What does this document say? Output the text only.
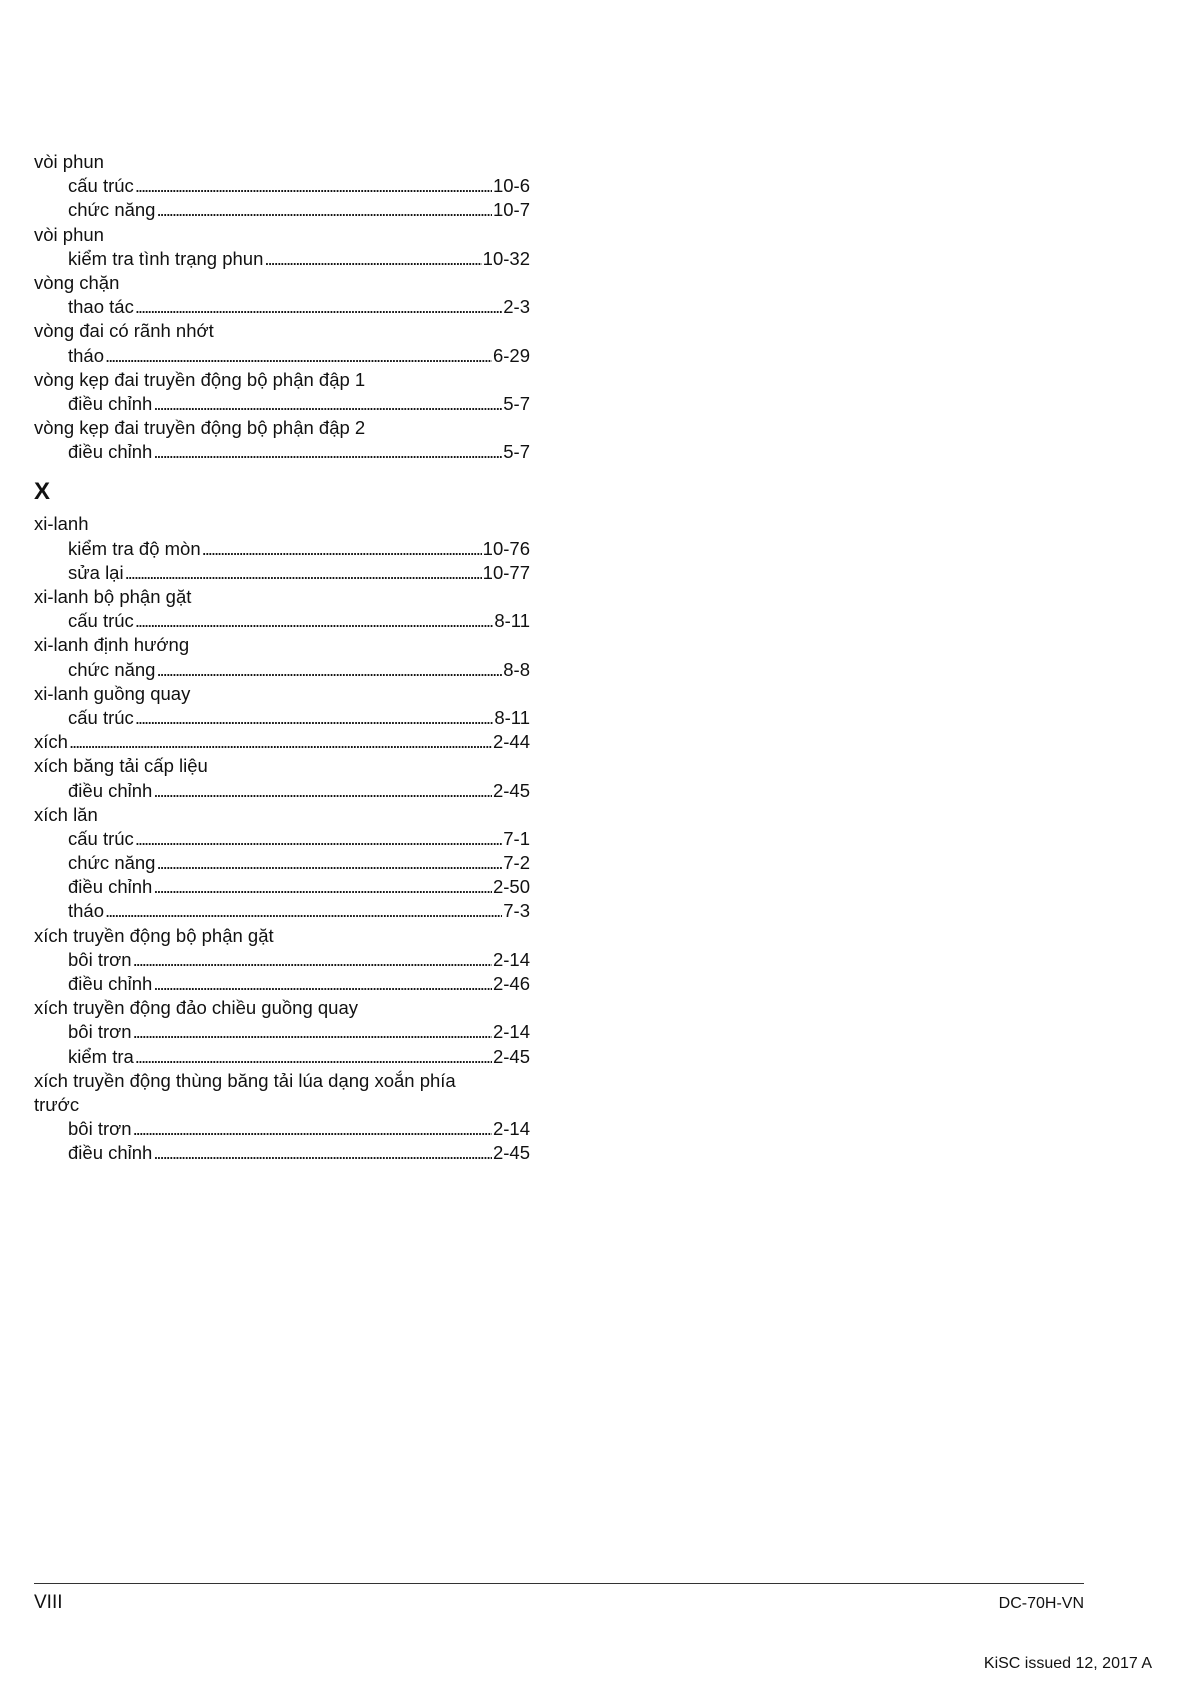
vòi phun
cấu trúc . . .	10-6
chức năng . . .	10-7
vòi phun
kiểm tra tình trạng phun . . .	10-32
vòng chặn
thao tác . . .	2-3
vòng đai có rãnh nhớt
tháo . . .	6-29
vòng kẹp đai truyền động bộ phận đập 1
điều chỉnh . . .	5-7
vòng kẹp đai truyền động bộ phận đập 2
điều chỉnh . . .	5-7
X
xi-lanh
kiểm tra độ mòn . . .	10-76
sửa lại . . .	10-77
xi-lanh bộ phận gặt
cấu trúc . . .	8-11
xi-lanh định hướng
chức năng . . .	8-8
xi-lanh guồng quay
cấu trúc . . .	8-11
xích . . .	2-44
xích băng tải cấp liệu
điều chỉnh . . .	2-45
xích lăn
cấu trúc . . .	7-1
chức năng . . .	7-2
điều chỉnh . . .	2-50
tháo . . .	7-3
xích truyền động bộ phận gặt
bôi trơn . . .	2-14
điều chỉnh . . .	2-46
xích truyền động đảo chiều guồng quay
bôi trơn . . .	2-14
kiểm tra . . .	2-45
xích truyền động thùng băng tải lúa dạng xoắn phía trước
bôi trơn . . .	2-14
điều chỉnh . . .	2-45
VIII	DC-70H-VN
KiSC issued 12, 2017 A
